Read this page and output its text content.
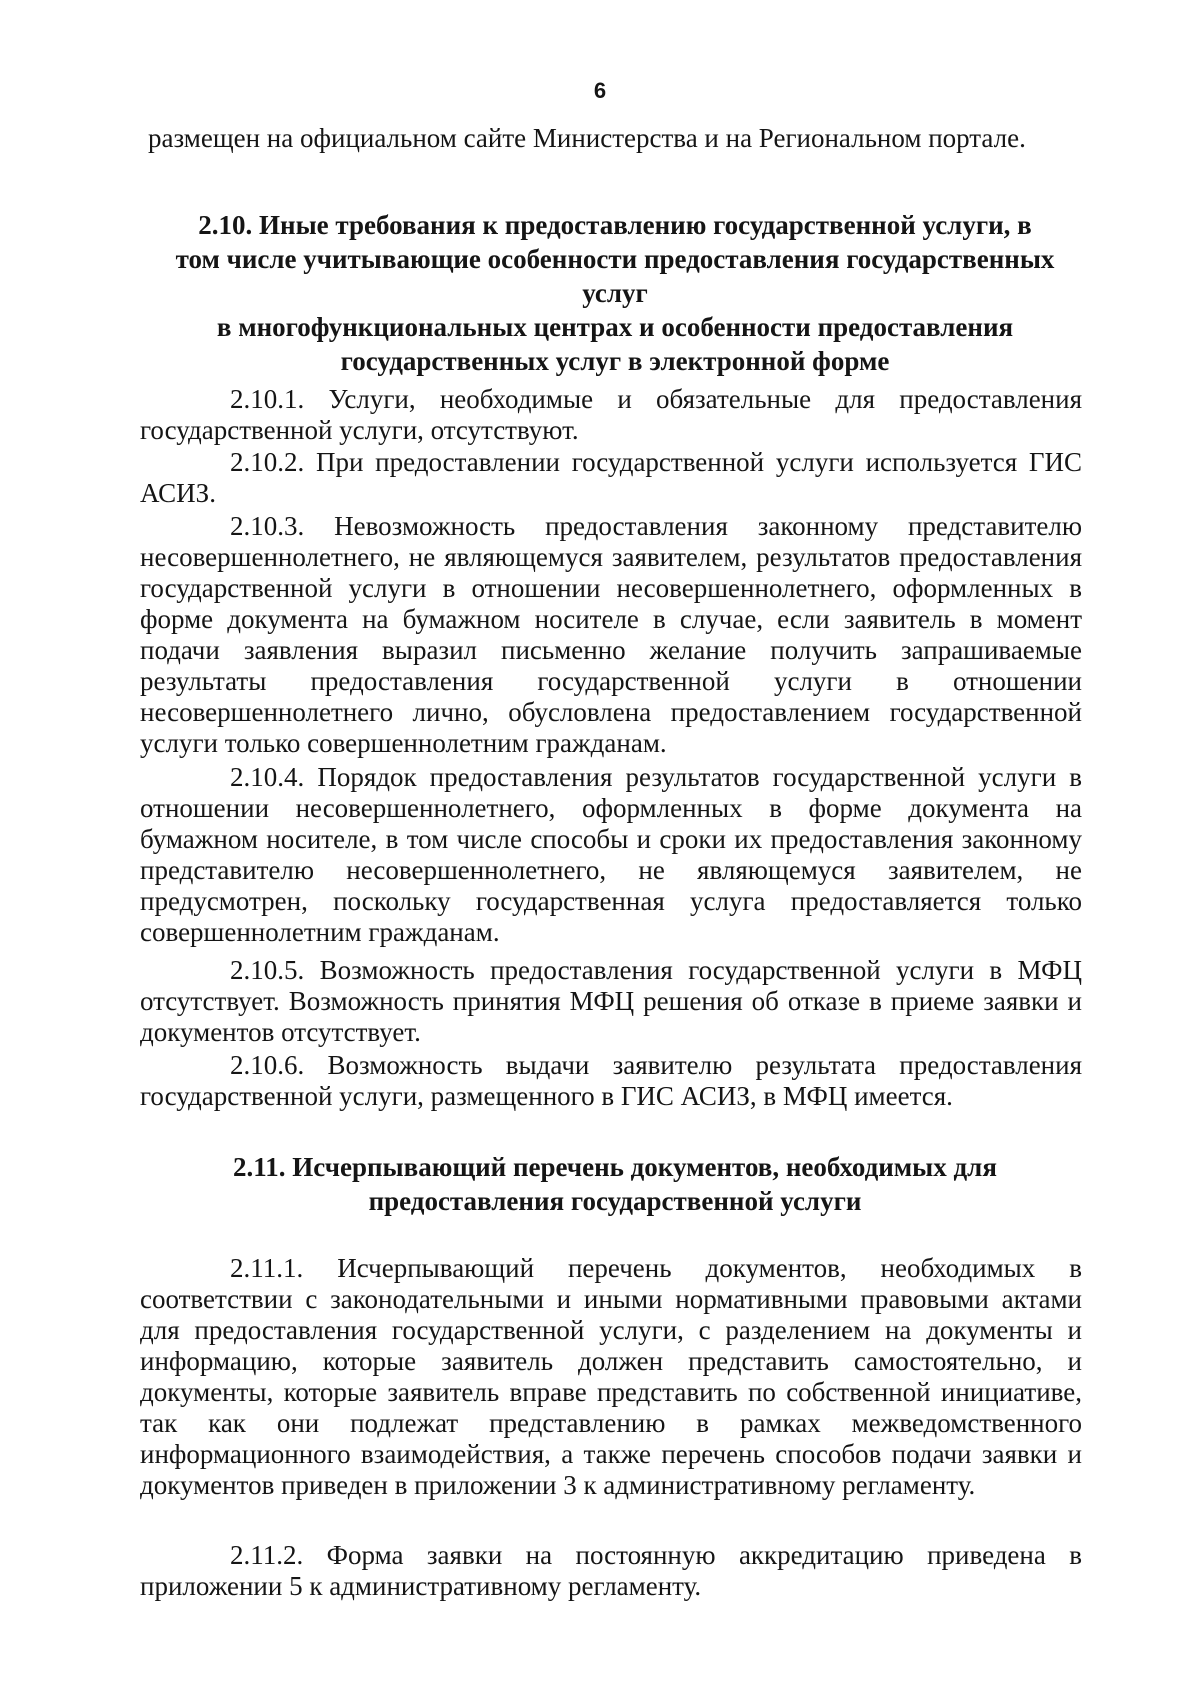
6

размещен на официальном сайте Министерства и на Региональном портале.

2.10. Иные требования к предоставлению государственной услуги, в
том числе учитывающие особенности предоставления государственных услуг
в многофункциональных центрах и особенности предоставления
государственных услуг в электронной форме

2.10.1. Услуги, необходимые и обязательные для предоставления государственной услуги, отсутствуют.

2.10.2. При предоставлении государственной услуги используется ГИС АСИЗ.

2.10.3. Невозможность предоставления законному представителю несовершеннолетнего, не являющемуся заявителем, результатов предоставления государственной услуги в отношении несовершеннолетнего, оформленных в форме документа на бумажном носителе в случае, если заявитель в момент подачи заявления выразил письменно желание получить запрашиваемые результаты предоставления государственной услуги в отношении несовершеннолетнего лично, обусловлена предоставлением государственной услуги только совершеннолетним гражданам.

2.10.4. Порядок предоставления результатов государственной услуги в отношении несовершеннолетнего, оформленных в форме документа на бумажном носителе, в том числе способы и сроки их предоставления законному представителю несовершеннолетнего, не являющемуся заявителем, не предусмотрен, поскольку государственная услуга предоставляется только совершеннолетним гражданам.

2.10.5. Возможность предоставления государственной услуги в МФЦ отсутствует. Возможность принятия МФЦ решения об отказе в приеме заявки и документов отсутствует.

2.10.6. Возможность выдачи заявителю результата предоставления государственной услуги, размещенного в ГИС АСИЗ, в МФЦ имеется.

2.11. Исчерпывающий перечень документов, необходимых для
предоставления государственной услуги

2.11.1. Исчерпывающий перечень документов, необходимых в соответствии с законодательными и иными нормативными правовыми актами для предоставления государственной услуги, с разделением на документы и информацию, которые заявитель должен представить самостоятельно, и документы, которые заявитель вправе представить по собственной инициативе, так как они подлежат представлению в рамках межведомственного информационного взаимодействия, а также перечень способов подачи заявки и документов приведен в приложении 3 к административному регламенту.

2.11.2. Форма заявки на постоянную аккредитацию приведена в приложении 5 к административному регламенту.
